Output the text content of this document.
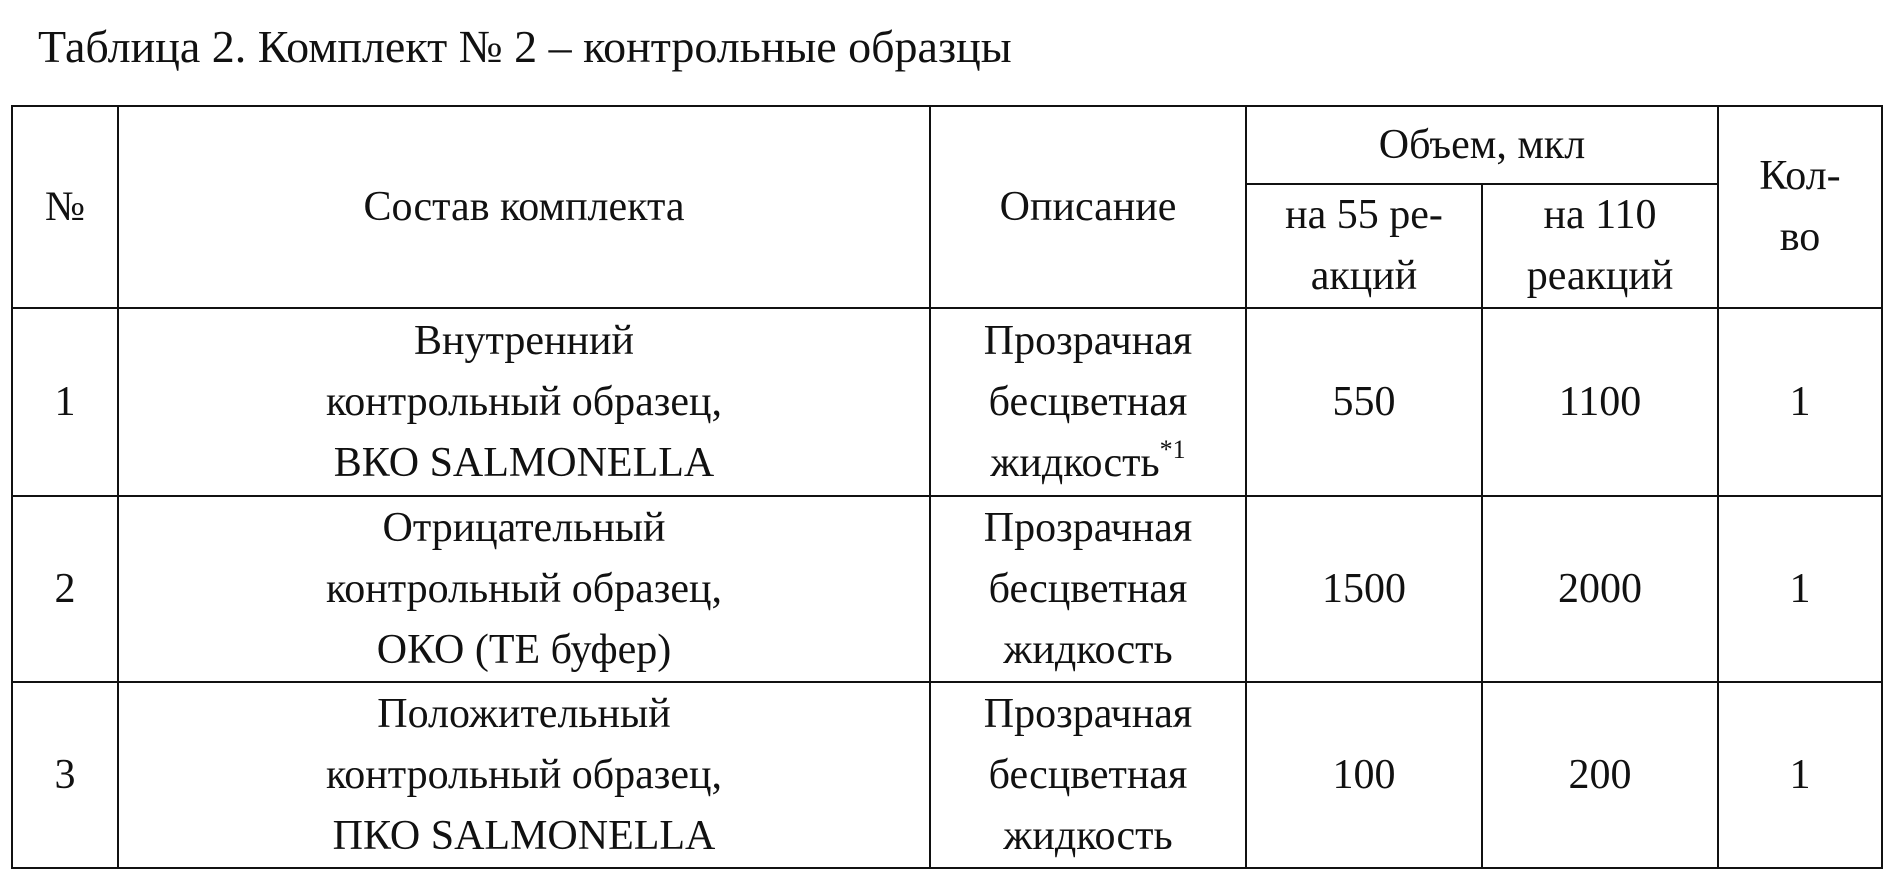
Таблица 2. Комплект № 2 – контрольные образцы
№	Состав комплекта	Описание	Объем, мкл		Кол-
во

			на 55 ре-
акций	на 110
реакций	

1	Внутренний
контрольный образец,
ВКО SALMONELLA	Прозрачная
бесцветная
жидкость$^{*1}$	550	1100	1
2	Отрицательный
контрольный образец,
ОКО (ТЕ буфер)	Прозрачная
бесцветная
жидкость	1500	2000	1
3	Положительный
контрольный образец,
ПКО SALMONELLA	Прозрачная
бесцветная
жидкость	100	200	1
